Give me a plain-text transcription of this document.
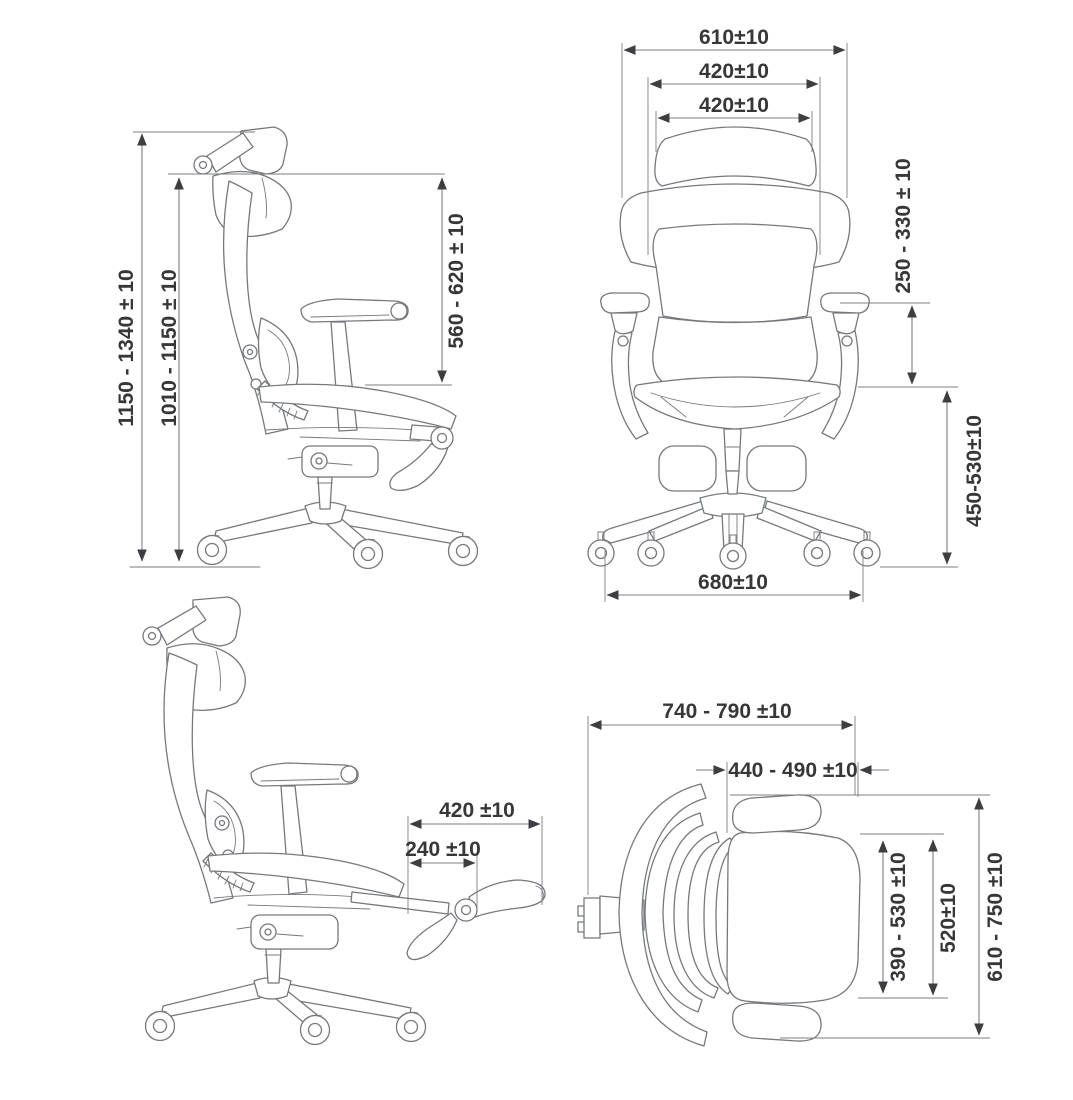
1150 - 1340 ± 10 1010 - 1150 ± 10	560 - 620 ± 10
610±10
420±10
420±10
250 - 330 ± 10
450-530±10
680±10
420 ±10
240 ±10
740 - 790 ±10
440 - 490 ±10
390 - 530 ±10 520±10 610 - 750 ±10
